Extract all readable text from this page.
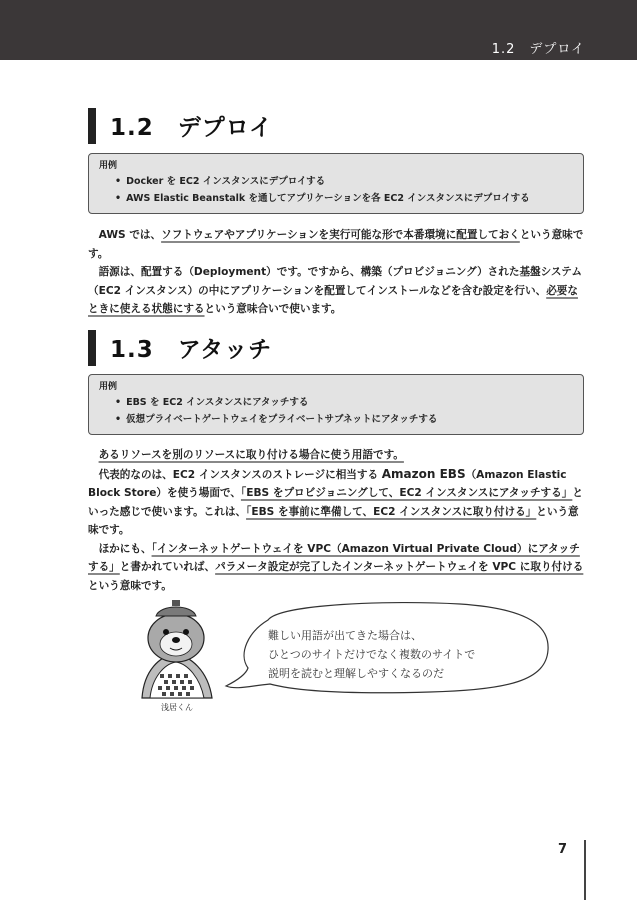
1.2　デプロイ
1.2　デプロイ
用例
• Docker を EC2 インスタンスにデプロイする
• AWS Elastic Beanstalk を通してアプリケーションを各 EC2 インスタンスにデプロイする

AWS では、ソフトウェアやアプリケーションを実行可能な形で本番環境に配置しておくという意味です。

語源は、配置する（Deployment）です。ですから、構築（プロビジョニング）された基盤システム（EC2 インスタンス）の中にアプリケーションを配置してインストールなどを含む設定を行い、必要なときに使える状態にするという意味合いで使います。

1.3　アタッチ
用例
• EBS を EC2 インスタンスにアタッチする
• 仮想プライベートゲートウェイをプライベートサブネットにアタッチする

あるリソースを別のリソースに取り付ける場合に使う用語です。

代表的なのは、EC2 インスタンスのストレージに相当する Amazon EBS（Amazon Elastic Block Store）を使う場面で、「EBS をプロビジョニングして、EC2 インスタンスにアタッチする」といった感じで使います。これは、「EBS を事前に準備して、EC2 インスタンスに取り付ける」という意味です。

ほかにも、「インターネットゲートウェイを VPC（Amazon Virtual Private Cloud）にアタッチする」と書かれていれば、パラメータ設定が完了したインターネットゲートウェイを VPC に取り付けるという意味です。

難しい用語が出てきた場合は、
ひとつのサイトだけでなく複数のサイトで
説明を読むと理解しやすくなるのだ
浅居くん
7
